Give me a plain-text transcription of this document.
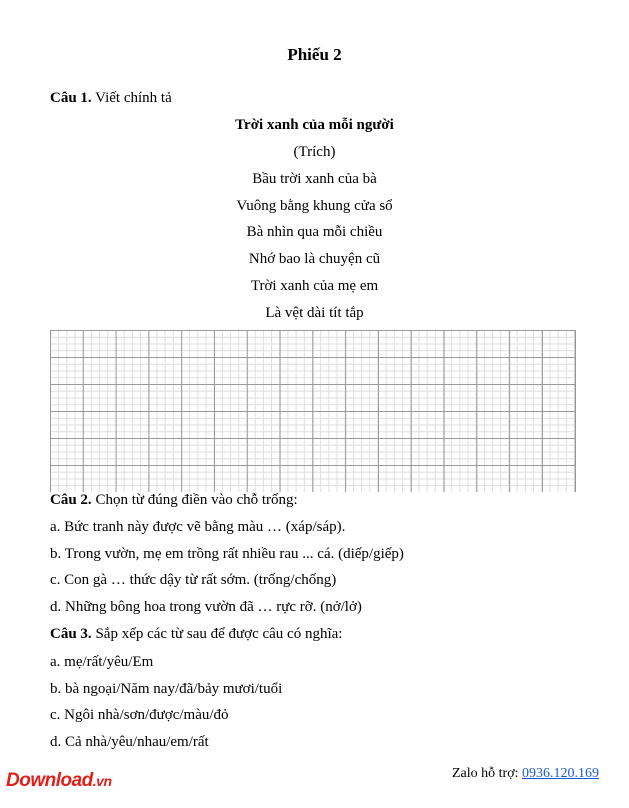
Phiếu 2
Câu 1. Viết chính tả
Trời xanh của mỗi người
(Trích)
Bầu trời xanh của bà
Vuông bằng khung cửa sổ
Bà nhìn qua mỗi chiều
Nhớ bao là chuyện cũ
Trời xanh của mẹ em
Là vệt dài tít tắp
Câu 2. Chọn từ đúng điền vào chỗ trống:
a. Bức tranh này được vẽ bằng màu … (xáp/sáp).
b. Trong vườn, mẹ em trồng rất nhiều rau ... cá. (diếp/giếp)
c. Con gà … thức dậy từ rất sớm. (trống/chống)
d. Những bông hoa trong vườn đã … rực rỡ. (nở/lở)
Câu 3. Sắp xếp các từ sau để được câu có nghĩa:
a. mẹ/rất/yêu/Em
b. bà ngoại/Năm nay/đã/bảy mươi/tuổi
c. Ngôi nhà/sơn/được/màu/đỏ
d. Cả nhà/yêu/nhau/em/rất
Download.vn	Zalo hỗ trợ: 0936.120.169
